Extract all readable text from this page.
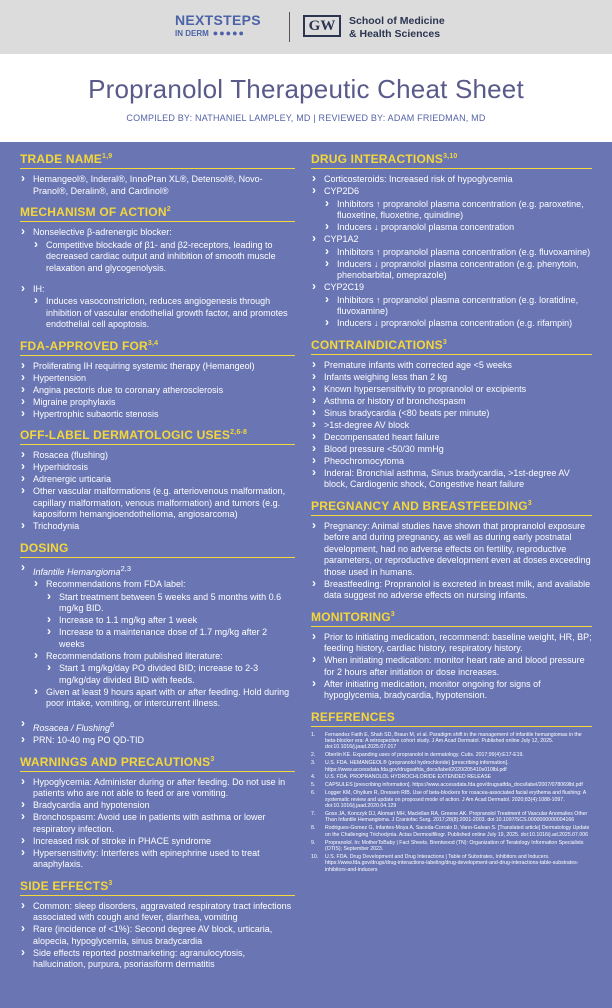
NEXTSTEPS
IN DERM ●●●●●	GW	School of Medicine
& Health Sciences
Propranolol Therapeutic Cheat Sheet
COMPILED BY: NATHANIEL LAMPLEY, MD | REVIEWED BY: ADAM FRIEDMAN, MD
TRADE NAME$^{1,9}$
› Hemangeol®, Inderal®, InnoPran XL®, Detensol®, Novo-Pranol®, Deralin®, and Cardinol®
MECHANISM OF ACTION$^2$
› Nonselective β-adrenergic blocker:
› Competitive blockade of β1- and β2-receptors, leading to decreased cardiac output and inhibition of smooth muscle relaxation and glycogenolysis.
› IH:
› Induces vasoconstriction, reduces angiogenesis through inhibition of vascular endothelial growth factor, and promotes endothelial cell apoptosis.
FDA-APPROVED FOR$^{3,4}$
› Proliferating IH requiring systemic therapy (Hemangeol)
› Hypertension
› Angina pectoris due to coronary atherosclerosis
› Migraine prophylaxis
› Hypertrophic subaortic stenosis
OFF-LABEL DERMATOLOGIC USES$^{2,6-8}$
› Rosacea (flushing)
› Hyperhidrosis
› Adrenergic urticaria
› Other vascular malformations (e.g. arteriovenous malformation, capillary malformation, venous malformation) and tumors (e.g. kaposiform hemangioendothelioma, angiosarcoma)
› Trichodynia
DOSING
› Infantile Hemangioma$^{2,3}$
› Recommendations from FDA label:
› Start treatment between 5 weeks and 5 months with 0.6 mg/kg BID.
› Increase to 1.1 mg/kg after 1 week
› Increase to a maintenance dose of 1.7 mg/kg after 2 weeks
› Recommendations from published literature:
› Start 1 mg/kg/day PO divided BID; increase to 2-3 mg/kg/day divided BID with feeds.
› Given at least 9 hours apart with or after feeding. Hold during poor intake, vomiting, or intercurrent illness.
› Rosacea / Flushing$^6$
› PRN: 10-40 mg PO QD-TID
WARNINGS AND PRECAUTIONS$^3$
› Hypoglycemia: Administer during or after feeding. Do not use in patients who are not able to feed or are vomiting.
› Bradycardia and hypotension
› Bronchospasm: Avoid use in patients with asthma or lower respiratory infection.
› Increased risk of stroke in PHACE syndrome
› Hypersensitivity: Interferes with epinephrine used to treat anaphylaxis.
SIDE EFFECTS$^3$
› Common: sleep disorders, aggravated respiratory tract infections associated with cough and fever, diarrhea, vomiting
› Rare (incidence of <1%): Second degree AV block, urticaria, alopecia, hypoglycemia, sinus bradycardia
› Side effects reported postmarketing: agranulocytosis, hallucination, purpura, psoriasiform dermatitis
DRUG INTERACTIONS$^{3,10}$
› Corticosteroids: Increased risk of hypoglycemia
› CYP2D6
› Inhibitors ↑ propranolol plasma concentration (e.g. paroxetine, fluoxetine, fluoxetine, quinidine)
› Inducers ↓ propranolol plasma concentration
› CYP1A2
› Inhibitors ↑ propranolol plasma concentration (e.g. fluvoxamine)
› Inducers ↓ propranolol plasma concentration (e.g. phenytoin, phenobarbital, omeprazole)
› CYP2C19
› Inhibitors ↑ propranolol plasma concentration (e.g. loratidine, fluvoxamine)
› Inducers ↓ propranolol plasma concentration (e.g. rifampin)
CONTRAINDICATIONS$^3$
› Premature infants with corrected age <5 weeks
› Infants weighing less than 2 kg
› Known hypersensitivity to propranolol or excipients
› Asthma or history of bronchospasm
› Sinus bradycardia (<80 beats per minute)
› >1st-degree AV block
› Decompensated heart failure
› Blood pressure <50/30 mmHg
› Pheochromocytoma
› Inderal: Bronchial asthma, Sinus bradycardia, >1st-degree AV block, Cardiogenic shock, Congestive heart failure
PREGNANCY AND BREASTFEEDING$^3$
› Pregnancy: Animal studies have shown that propranolol exposure before and during pregnancy, as well as during early postnatal development, had no adverse effects on fertility, reproductive parameters, or reproductive development even at doses exceeding those used in humans.
› Breastfeeding: Propranolol is excreted in breast milk, and available data suggest no adverse effects on nursing infants.
MONITORING$^3$
› Prior to initiating medication, recommend: baseline weight, HR, BP; feeding history, cardiac history, respiratory history.
› When initiating medication: monitor heart rate and blood pressure for 2 hours after initiation or dose increases.
› After initiating medication, monitor ongoing for signs of hypoglycemia, bradycardia, hypotension.
REFERENCES
1. Fernandez Faith E, Shah SD, Braun M, et al. Paradigm shift in the management of infantile hemangiomas in the beta-blocker era: A retrospective cohort study. J Am Acad Dermatol. Published online July 12, 2025. doi:10.1016/j.jaad.2025.07.017
2. Oberlin KE. Expanding uses of propranolol in dermatology. Cutis. 2017;99(4):E17-E19.
3. U.S. FDA. HEMANGEOL® (propranolol hydrochloride) [prescribing information]. https://www.accessdata.fda.gov/drugsatfda_docs/label/2020/205410s010lbl.pdf
4. U.S. FDA. PROPRANOLOL HYDROCHLORIDE EXTENDED RELEASE
5. CAPSULES [prescribing information]. https://www.accessdata.fda.gov/drugsatfda_docs/label/2007/078069lbl.pdf
6. Logger KM, Ohyilum R, Dressen RIB. Use of beta-blockers for rosacea-associated facial erythema and flushing: A systematic review and update on proposed mode of action. J Am Acad Dermatol. 2020;83(4):1088-1097. doi:10.1016/j.jaad.2020.04.129
7. Goss JA, Konczyk DJ, Alomari MH, Maclellan RA, Greene AK. Propranolol Treatment of Vascular Anomalies Other Than Infantile Hemangioma. J Craniofac Surg. 2017;28(8):2001-2003. doi:10.1097/SCS.0000000000004166
8. Rodrigues-Gomez G, Infantes-Moya A, Saceda-Corralo D, Vano-Galvan S. [Translated article] Dermatology Update on the Challenging Trichodynia. Actas Dermosifiliogr. Published online July 19, 2025. doi:10.1016/j.ad.2025.07.006
9. Propranolol. In: MotherToBaby | Fact Sheets. Brentwood (TN): Organization of Teratology Information Specialists (OTIS); September 2023.
10. U.S. FDA. Drug Development and Drug Interactions | Table of Substrates, Inhibitors and Inducers. https://www.fda.gov/drugs/drug-interactions-labeling/drug-development-and-drug-interactions-table-substrates-inhibitors-and-inducers
